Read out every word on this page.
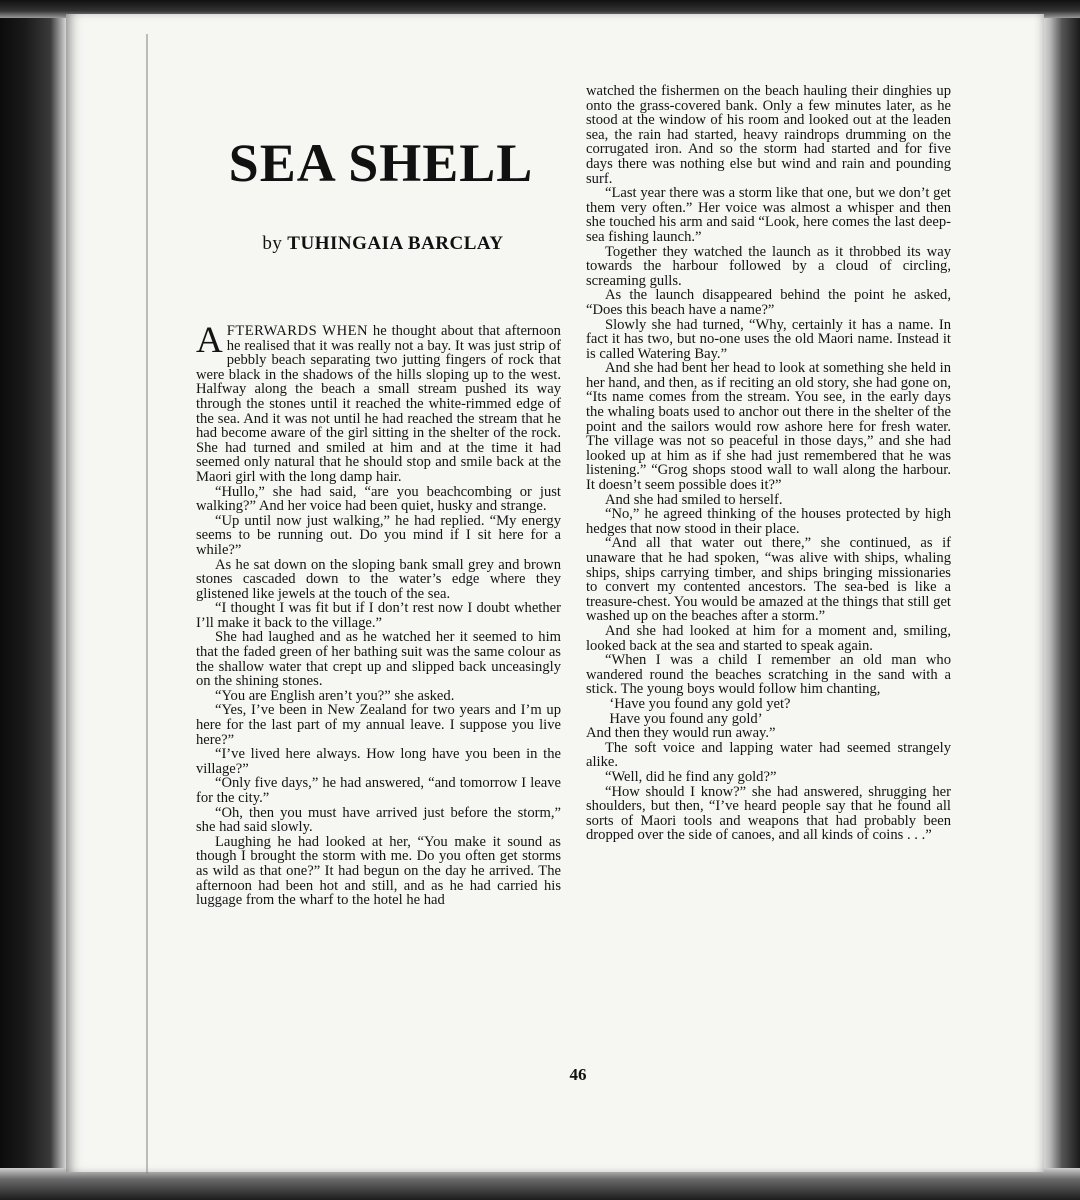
SEA SHELL
by TUHINGAIA BARCLAY

AFTERWARDS WHEN he thought about that afternoon he realised that it was really not a bay. It was just strip of pebbly beach separating two jutting fingers of rock that were black in the shadows of the hills sloping up to the west. Halfway along the beach a small stream pushed its way through the stones until it reached the white-rimmed edge of the sea. And it was not until he had reached the stream that he had become aware of the girl sitting in the shelter of the rock. She had turned and smiled at him and at the time it had seemed only natural that he should stop and smile back at the Maori girl with the long damp hair.

“Hullo,” she had said, “are you beachcombing or just walking?” And her voice had been quiet, husky and strange.

“Up until now just walking,” he had replied. “My energy seems to be running out. Do you mind if I sit here for a while?”

As he sat down on the sloping bank small grey and brown stones cascaded down to the water’s edge where they glistened like jewels at the touch of the sea.

“I thought I was fit but if I don’t rest now I doubt whether I’ll make it back to the village.”

She had laughed and as he watched her it seemed to him that the faded green of her bathing suit was the same colour as the shallow water that crept up and slipped back unceasingly on the shining stones.

“You are English aren’t you?” she asked.

“Yes, I’ve been in New Zealand for two years and I’m up here for the last part of my annual leave. I suppose you live here?”

“I’ve lived here always. How long have you been in the village?”

“Only five days,” he had answered, “and tomorrow I leave for the city.”

“Oh, then you must have arrived just before the storm,” she had said slowly.

Laughing he had looked at her, “You make it sound as though I brought the storm with me. Do you often get storms as wild as that one?” It had begun on the day he arrived. The afternoon had been hot and still, and as he had carried his luggage from the wharf to the hotel he had

watched the fishermen on the beach hauling their dinghies up onto the grass-covered bank. Only a few minutes later, as he stood at the window of his room and looked out at the leaden sea, the rain had started, heavy raindrops drumming on the corrugated iron. And so the storm had started and for five days there was nothing else but wind and rain and pounding surf.

“Last year there was a storm like that one, but we don’t get them very often.” Her voice was almost a whisper and then she touched his arm and said “Look, here comes the last deep-sea fishing launch.”

Together they watched the launch as it throbbed its way towards the harbour followed by a cloud of circling, screaming gulls.

As the launch disappeared behind the point he asked, “Does this beach have a name?”

Slowly she had turned, “Why, certainly it has a name. In fact it has two, but no-one uses the old Maori name. Instead it is called Watering Bay.”

And she had bent her head to look at something she held in her hand, and then, as if reciting an old story, she had gone on, “Its name comes from the stream. You see, in the early days the whaling boats used to anchor out there in the shelter of the point and the sailors would row ashore here for fresh water. The village was not so peaceful in those days,” and she had looked up at him as if she had just remembered that he was listening.” “Grog shops stood wall to wall along the harbour. It doesn’t seem possible does it?”

And she had smiled to herself.

“No,” he agreed thinking of the houses protected by high hedges that now stood in their place.

“And all that water out there,” she continued, as if unaware that he had spoken, “was alive with ships, whaling ships, ships carrying timber, and ships bringing missionaries to convert my contented ancestors. The sea-bed is like a treasure-chest. You would be amazed at the things that still get washed up on the beaches after a storm.”

And she had looked at him for a moment and, smiling, looked back at the sea and started to speak again.

“When I was a child I remember an old man who wandered round the beaches scratching in the sand with a stick. The young boys would follow him chanting,

‘Have you found any gold yet?

Have you found any gold’

And then they would run away.”

The soft voice and lapping water had seemed strangely alike.

“Well, did he find any gold?”

“How should I know?” she had answered, shrugging her shoulders, but then, “I’ve heard people say that he found all sorts of Maori tools and weapons that had probably been dropped over the side of canoes, and all kinds of coins . . .”

46
